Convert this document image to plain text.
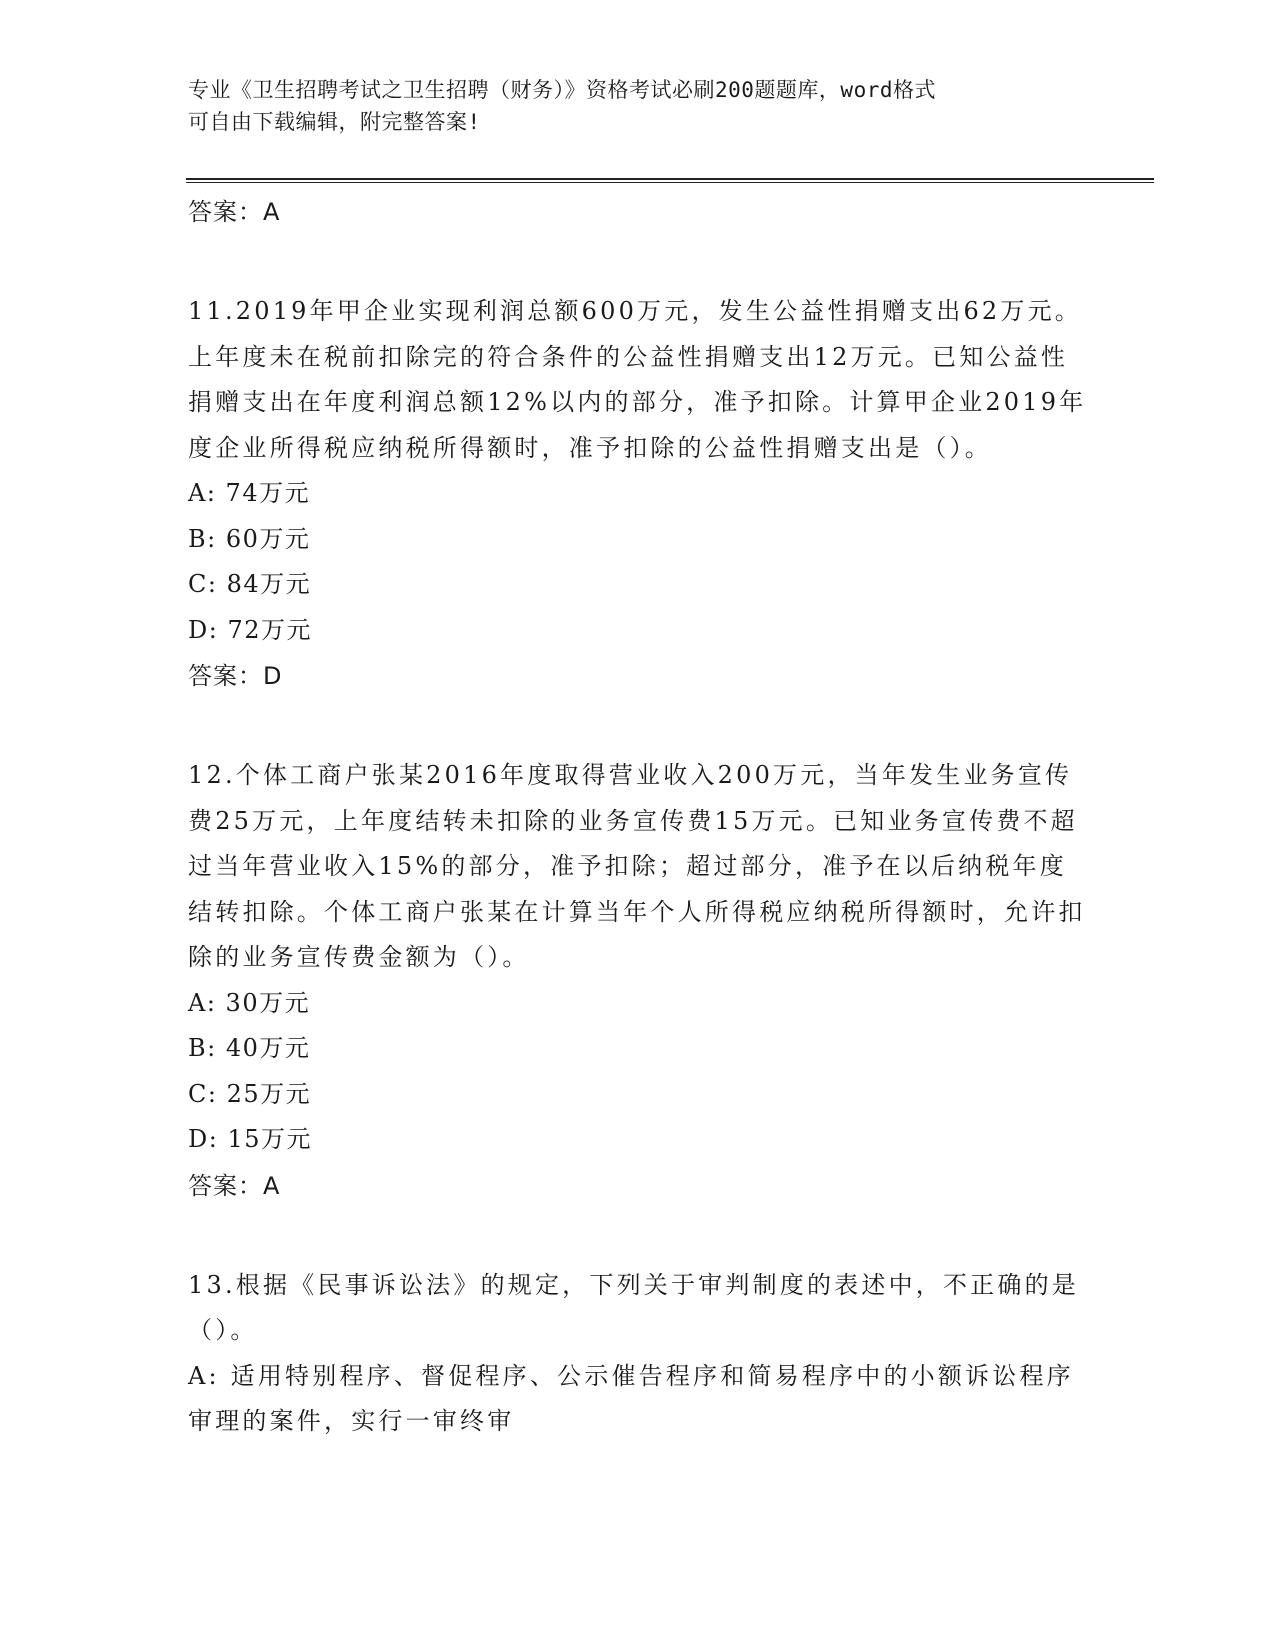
专业《卫生招聘考试之卫生招聘（财务）》资格考试必刷200题题库，word格式
可自由下载编辑，附完整答案!
答案：A
11.2019年甲企业实现利润总额600万元，发生公益性捐赠支出62万元。上年度未在税前扣除完的符合条件的公益性捐赠支出12万元。已知公益性捐赠支出在年度利润总额12%以内的部分，准予扣除。计算甲企业2019年度企业所得税应纳税所得额时，准予扣除的公益性捐赠支出是（）。
A: 74万元
B: 60万元
C: 84万元
D: 72万元
答案：D
12.个体工商户张某2016年度取得营业收入200万元，当年发生业务宣传费25万元，上年度结转未扣除的业务宣传费15万元。已知业务宣传费不超过当年营业收入15%的部分，准予扣除；超过部分，准予在以后纳税年度结转扣除。个体工商户张某在计算当年个人所得税应纳税所得额时，允许扣除的业务宣传费金额为（）。
A: 30万元
B: 40万元
C: 25万元
D: 15万元
答案：A
13.根据《民事诉讼法》的规定，下列关于审判制度的表述中，不正确的是（）。
A: 适用特别程序、督促程序、公示催告程序和简易程序中的小额诉讼程序审理的案件，实行一审终审
